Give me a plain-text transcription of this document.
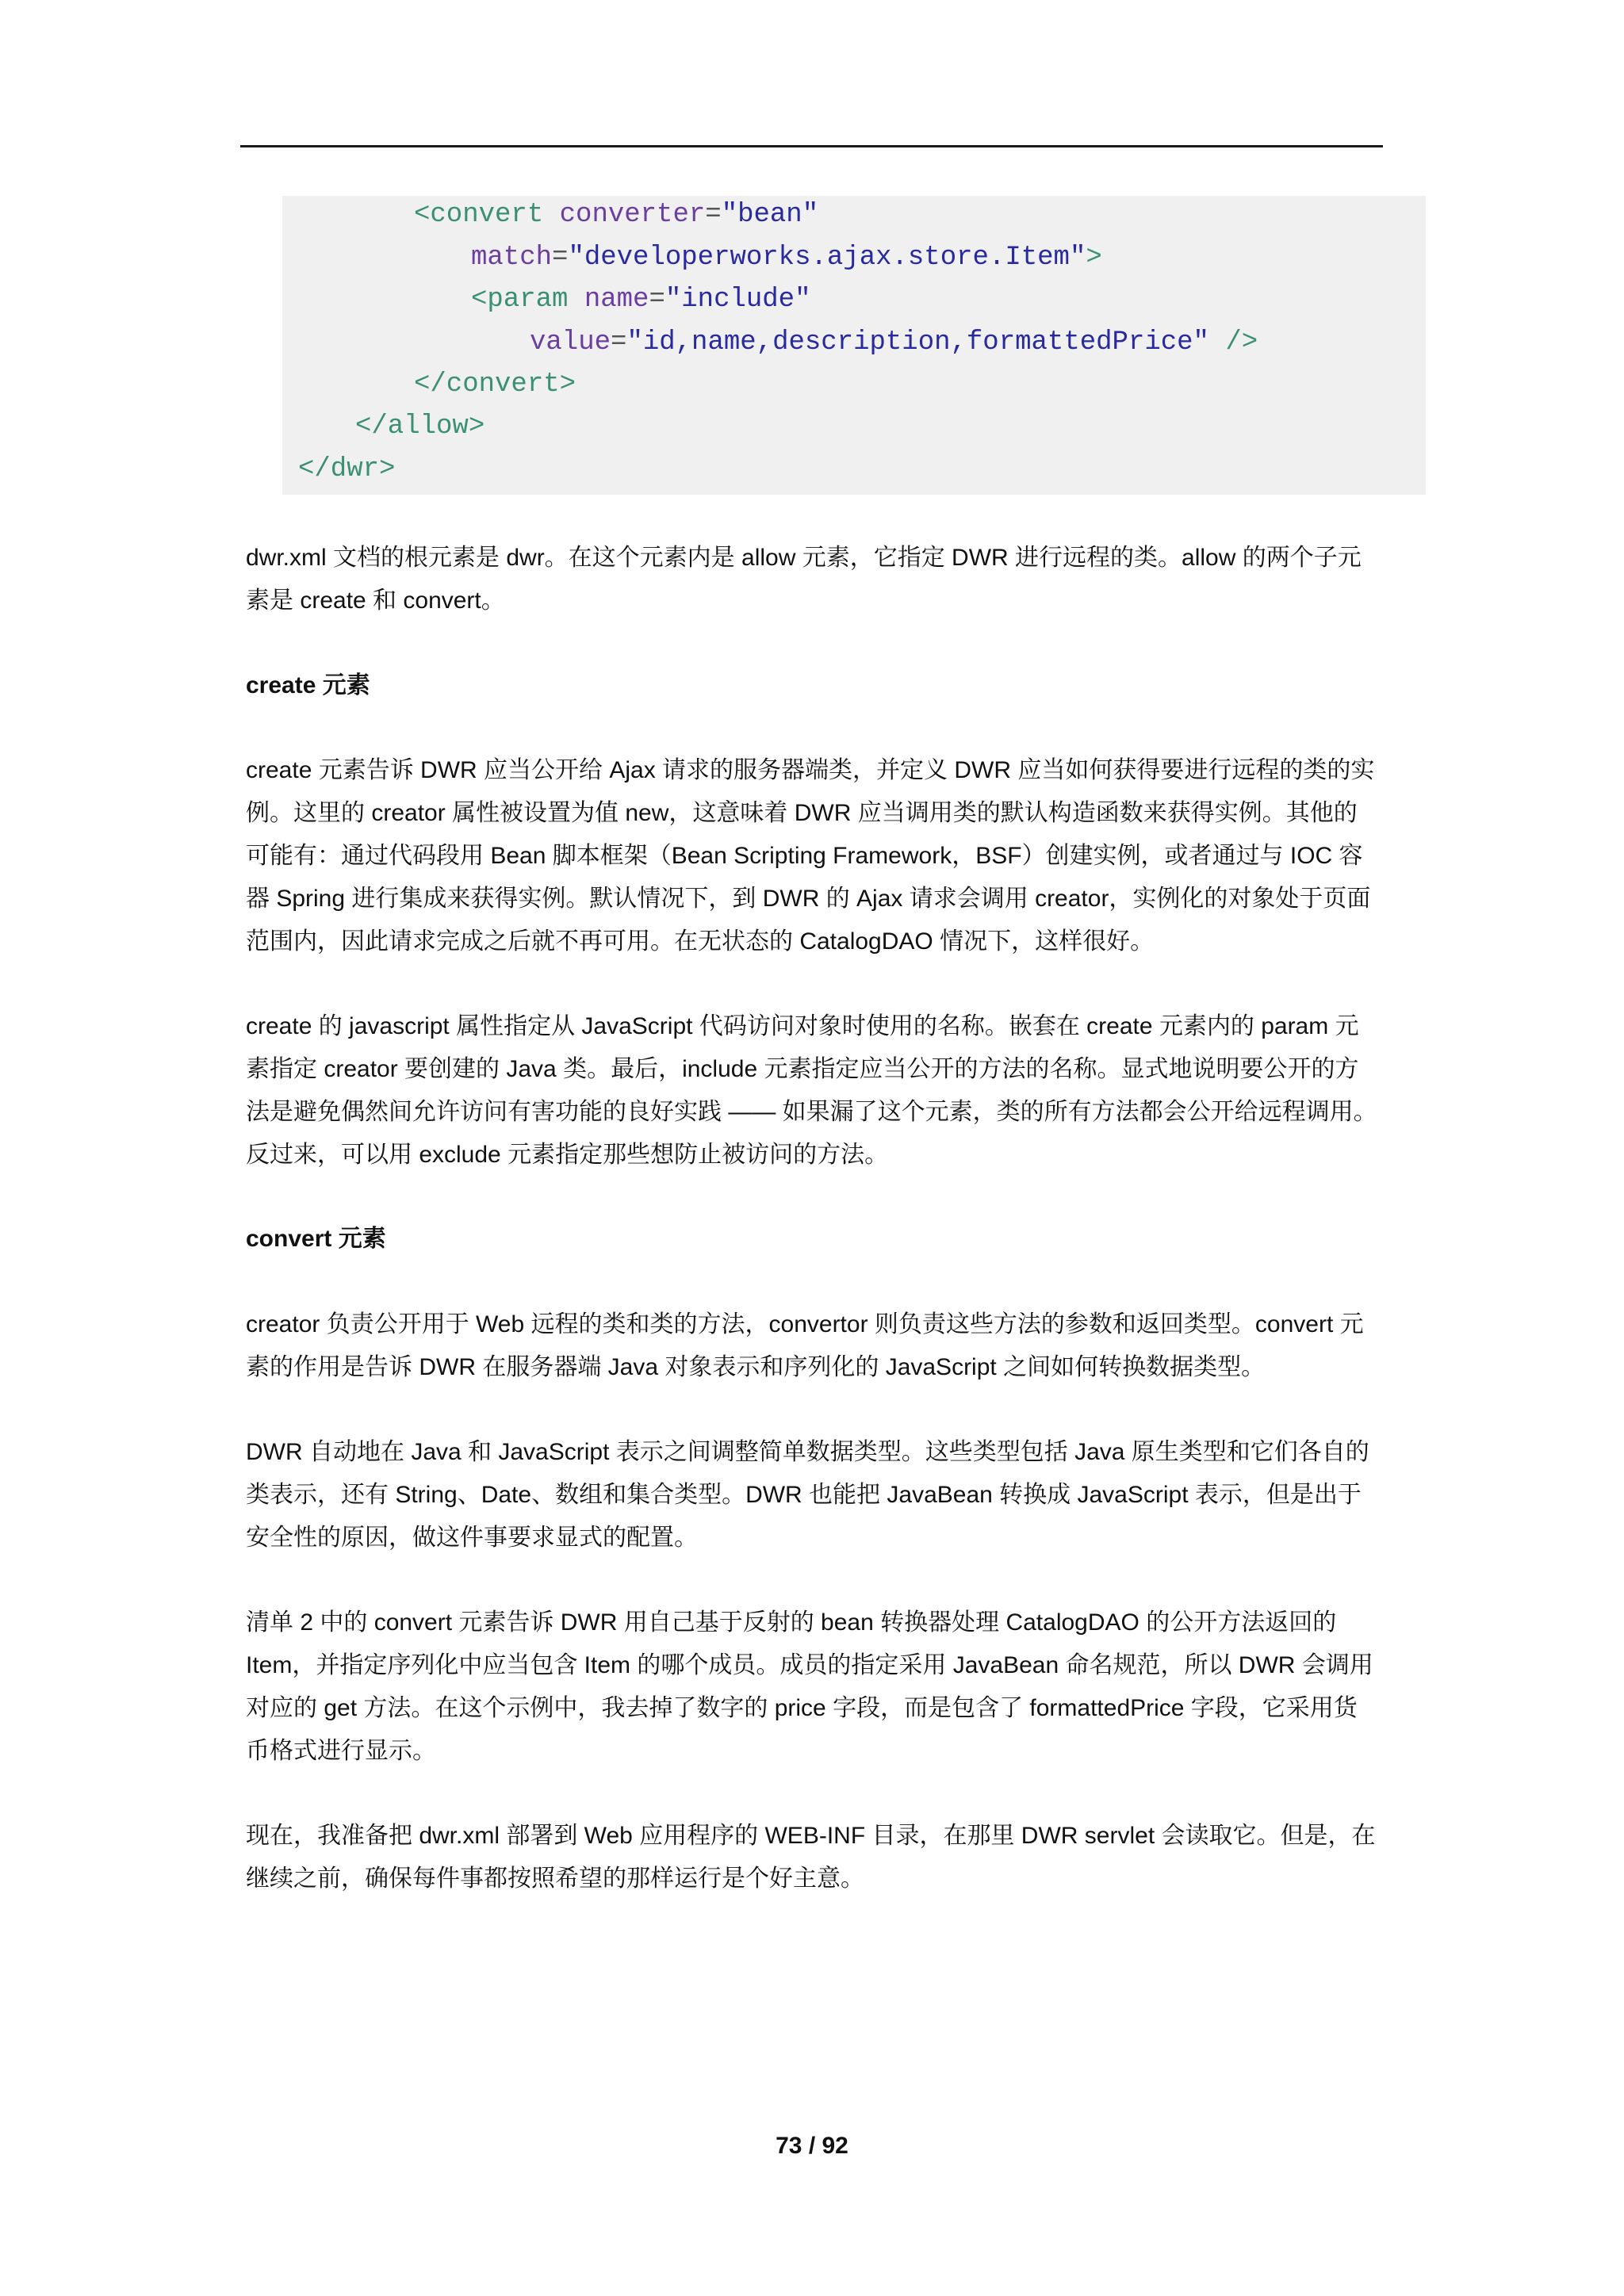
<convert converter="bean"
match="developerworks.ajax.store.Item">
<param name="include"
value="id,name,description,formattedPrice" />
</convert>
</allow>
</dwr>

dwr.xml 文档的根元素是 dwr。在这个元素内是 allow 元素，它指定 DWR 进行远程的类。allow 的两个子元素是 create 和 convert。

create 元素

create 元素告诉 DWR 应当公开给 Ajax 请求的服务器端类，并定义 DWR 应当如何获得要进行远程的类的实例。这里的 creator 属性被设置为值 new，这意味着 DWR 应当调用类的默认构造函数来获得实例。其他的可能有：通过代码段用 Bean 脚本框架（Bean Scripting Framework，BSF）创建实例，或者通过与 IOC 容器 Spring 进行集成来获得实例。默认情况下，到 DWR 的 Ajax 请求会调用 creator，实例化的对象处于页面范围内，因此请求完成之后就不再可用。在无状态的 CatalogDAO 情况下，这样很好。

create 的 javascript 属性指定从 JavaScript 代码访问对象时使用的名称。嵌套在 create 元素内的 param 元素指定 creator 要创建的 Java 类。最后，include 元素指定应当公开的方法的名称。显式地说明要公开的方法是避免偶然间允许访问有害功能的良好实践 —— 如果漏了这个元素，类的所有方法都会公开给远程调用。反过来，可以用 exclude 元素指定那些想防止被访问的方法。

convert 元素

creator 负责公开用于 Web 远程的类和类的方法，convertor 则负责这些方法的参数和返回类型。convert 元素的作用是告诉 DWR 在服务器端 Java 对象表示和序列化的 JavaScript 之间如何转换数据类型。

DWR 自动地在 Java 和 JavaScript 表示之间调整简单数据类型。这些类型包括 Java 原生类型和它们各自的类表示，还有 String、Date、数组和集合类型。DWR 也能把 JavaBean 转换成 JavaScript 表示，但是出于安全性的原因，做这件事要求显式的配置。

清单 2 中的 convert 元素告诉 DWR 用自己基于反射的 bean 转换器处理 CatalogDAO 的公开方法返回的 Item，并指定序列化中应当包含 Item 的哪个成员。成员的指定采用 JavaBean 命名规范，所以 DWR 会调用对应的 get 方法。在这个示例中，我去掉了数字的 price 字段，而是包含了 formattedPrice 字段，它采用货币格式进行显示。

现在，我准备把 dwr.xml 部署到 Web 应用程序的 WEB-INF 目录，在那里 DWR servlet 会读取它。但是，在继续之前，确保每件事都按照希望的那样运行是个好主意。

73 / 92
